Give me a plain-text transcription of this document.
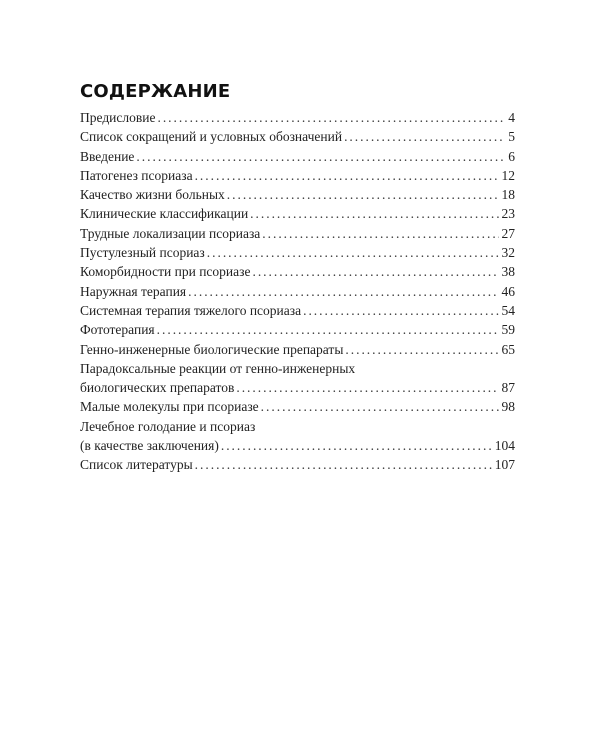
СОДЕРЖАНИЕ
Предисловие . . .	4
Список сокращений и условных обозначений . . .	5
Введение . . .	6
Патогенез псориаза . . .	12
Качество жизни больных . . .	18
Клинические классификации . . .	23
Трудные локализации псориаза . . .	27
Пустулезный псориаз . . .	32
Коморбидности при псориазе . . .	38
Наружная терапия . . .	46
Системная терапия тяжелого псориаза . . .	54
Фототерапия . . .	59
Генно-инженерные биологические препараты . . .	65
Парадоксальные реакции от генно-инженерных
биологических препаратов . . .	87
Малые молекулы при псориазе . . .	98
Лечебное голодание и псориаз
(в качестве заключения) . . .	104
Список литературы . . .	107
